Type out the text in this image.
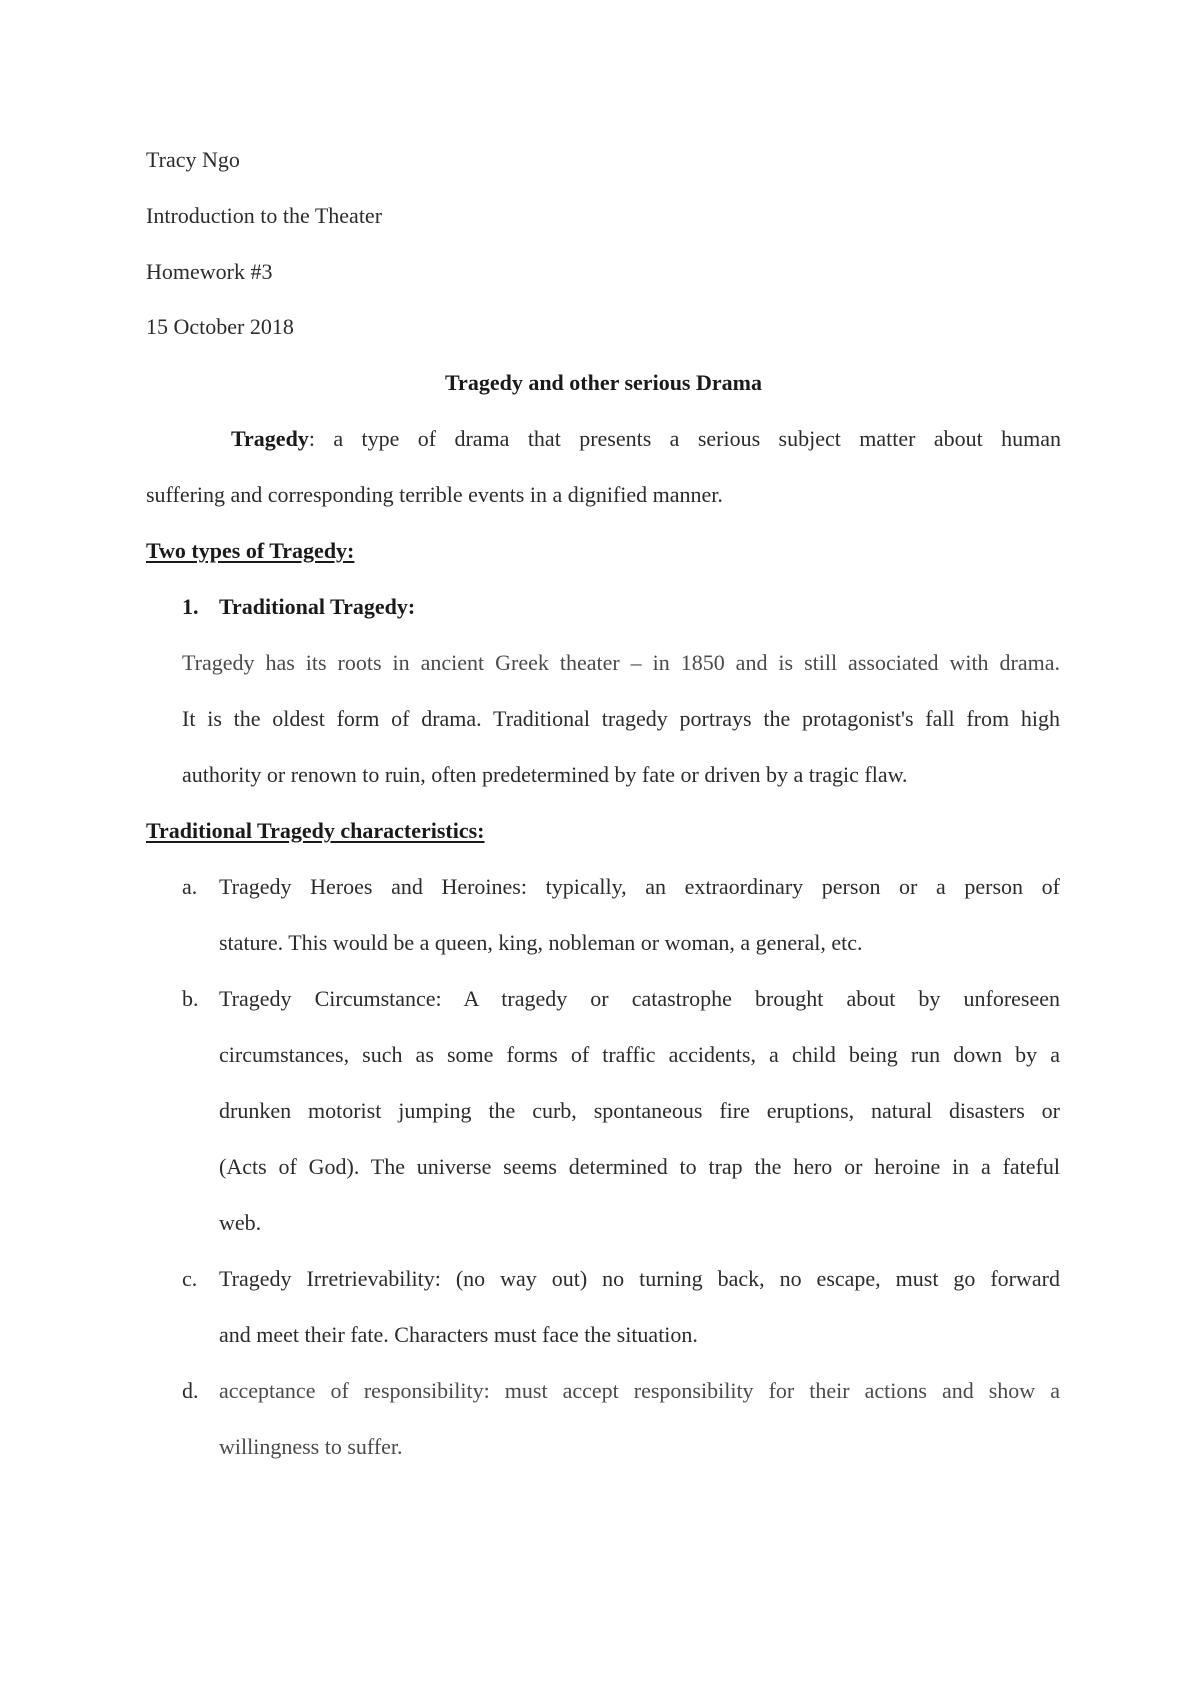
Tracy Ngo
Introduction to the Theater
Homework #3
15 October 2018
Tragedy and other serious Drama
Tragedy: a type of drama that presents a serious subject matter about human
suffering and corresponding terrible events in a dignified manner.
Two types of Tragedy:
1. Traditional Tragedy:
Tragedy has its roots in ancient Greek theater – in 1850 and is still associated with drama.
It is the oldest form of drama. Traditional tragedy portrays the protagonist's fall from high
authority or renown to ruin, often predetermined by fate or driven by a tragic flaw.
Traditional Tragedy characteristics:
a. Tragedy Heroes and Heroines: typically, an extraordinary person or a person of
stature. This would be a queen, king, nobleman or woman, a general, etc.
b. Tragedy Circumstance: A tragedy or catastrophe brought about by unforeseen
circumstances, such as some forms of traffic accidents, a child being run down by a
drunken motorist jumping the curb, spontaneous fire eruptions, natural disasters or
(Acts of God). The universe seems determined to trap the hero or heroine in a fateful
web.
c. Tragedy Irretrievability: (no way out) no turning back, no escape, must go forward
and meet their fate. Characters must face the situation.
d. acceptance of responsibility: must accept responsibility for their actions and show a
willingness to suffer.
